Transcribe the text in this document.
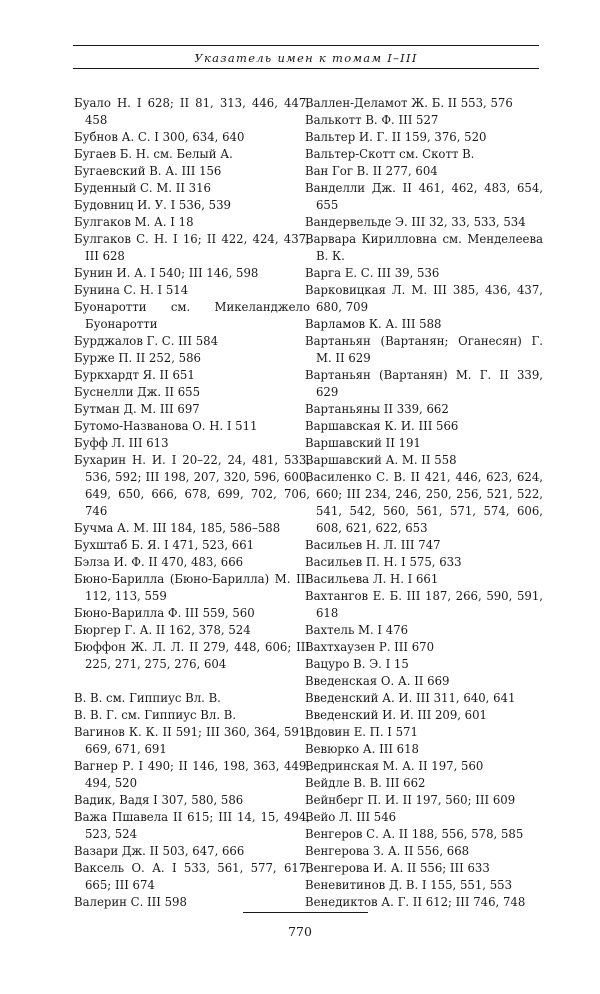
Указатель имен к томам I–III
Буало Н. I 628; II 81, 313, 446, 447, 458
Бубнов А. С. I 300, 634, 640
Бугаев Б. Н. см. Белый А.
Бугаевский В. А. III 156
Буденный С. М. II 316
Будовниц И. У. I 536, 539
Булгаков М. А. I 18
Булгаков С. Н. I 16; II 422, 424, 437; III 628
Бунин И. А. I 540; III 146, 598
Бунина С. Н. I 514
Буонаротти см. Микеланджело Буонаротти
Бурджалов Г. С. III 584
Бурже П. II 252, 586
Буркхардт Я. II 651
Буснелли Дж. II 655
Бутман Д. М. III 697
Бутомо-Названова О. Н. I 511
Буфф Л. III 613
Бухарин Н. И. I 20–22, 24, 481, 533, 536, 592; III 198, 207, 320, 596, 600, 649, 650, 666, 678, 699, 702, 706, 746
Бучма А. М. III 184, 185, 586–588
Бухштаб Б. Я. I 471, 523, 661
Бэлза И. Ф. II 470, 483, 666
Бюно-Барилла (Бюно-Барилла) М. III 112, 113, 559
Бюно-Варилла Ф. III 559, 560
Бюргер Г. А. II 162, 378, 524
Бюффон Ж. Л. Л. II 279, 448, 606; III 225, 271, 275, 276, 604
В. В. см. Гиппиус Вл. В.
В. В. Г. см. Гиппиус Вл. В.
Вагинов К. К. II 591; III 360, 364, 591, 669, 671, 691
Вагнер Р. I 490; II 146, 198, 363, 449, 494, 520
Вадик, Вадя I 307, 580, 586
Важа Пшавела II 615; III 14, 15, 494, 523, 524
Вазари Дж. II 503, 647, 666
Ваксель О. А. I 533, 561, 577, 617, 665; III 674
Валерин С. III 598
Валлен-Деламот Ж. Б. II 553, 576
Валькотт В. Ф. III 527
Вальтер И. Г. II 159, 376, 520
Вальтер-Скотт см. Скотт В.
Ван Гог В. II 277, 604
Ванделли Дж. II 461, 462, 483, 654, 655
Вандервельде Э. III 32, 33, 533, 534
Варвара Кирилловна см. Менделеева В. К.
Варга Е. С. III 39, 536
Варковицкая Л. М. III 385, 436, 437, 680, 709
Варламов К. А. III 588
Вартаньян (Вартанян; Оганесян) Г. М. II 629
Вартаньян (Вартанян) М. Г. II 339, 629
Вартаньяны II 339, 662
Варшавская К. И. III 566
Варшавский II 191
Варшавский А. М. II 558
Василенко С. В. II 421, 446, 623, 624, 660; III 234, 246, 250, 256, 521, 522, 541, 542, 560, 561, 571, 574, 606, 608, 621, 622, 653
Васильев Н. Л. III 747
Васильев П. Н. I 575, 633
Васильева Л. Н. I 661
Вахтангов Е. Б. III 187, 266, 590, 591, 618
Вахтель М. I 476
Вахтхаузен Р. III 670
Вацуро В. Э. I 15
Введенская О. А. II 669
Введенский А. И. III 311, 640, 641
Введенский И. И. III 209, 601
Вдовин Е. П. I 571
Вевюрко А. III 618
Ведринская М. А. II 197, 560
Вейдле В. В. III 662
Вейнберг П. И. II 197, 560; III 609
Вейо Л. III 546
Венгеров С. А. II 188, 556, 578, 585
Венгерова З. А. II 556, 668
Венгерова И. А. II 556; III 633
Веневитинов Д. В. I 155, 551, 553
Венедиктов А. Г. II 612; III 746, 748
770
